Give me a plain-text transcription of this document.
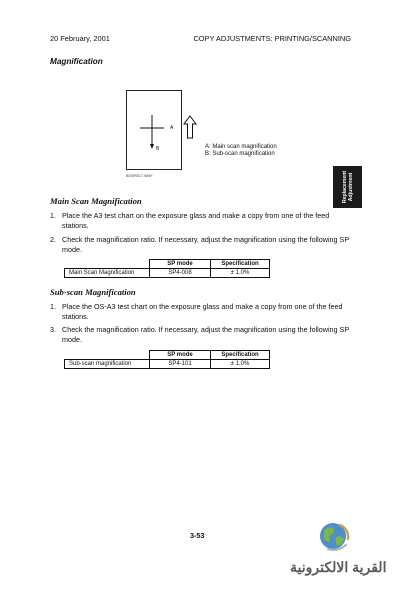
20 February, 2001	COPY ADJUSTMENTS: PRINTING/SCANNING
Magnification
A
B
B039R017.WMF
A: Main scan magnification
B: Sub-scan magnification
Replacement Adjustment
Main Scan Magnification
1. Place the A3 test chart on the exposure glass and make a copy from one of the feed stations.
2. Check the magnification ratio. If necessary, adjust the magnification using the following SP mode.
	SP mode	Specification
Main Scan Magnification	SP4-008	± 1.0%
Sub-scan Magnification
1. Place the OS-A3 test chart on the exposure glass and make a copy from one of the feed stations.
3. Check the magnification ratio. If necessary, adjust the magnification using the following SP mode.
	SP mode	Specification
Sub-scan magnification	SP4-101	± 1.0%
3-53
القرية الالكترونية
